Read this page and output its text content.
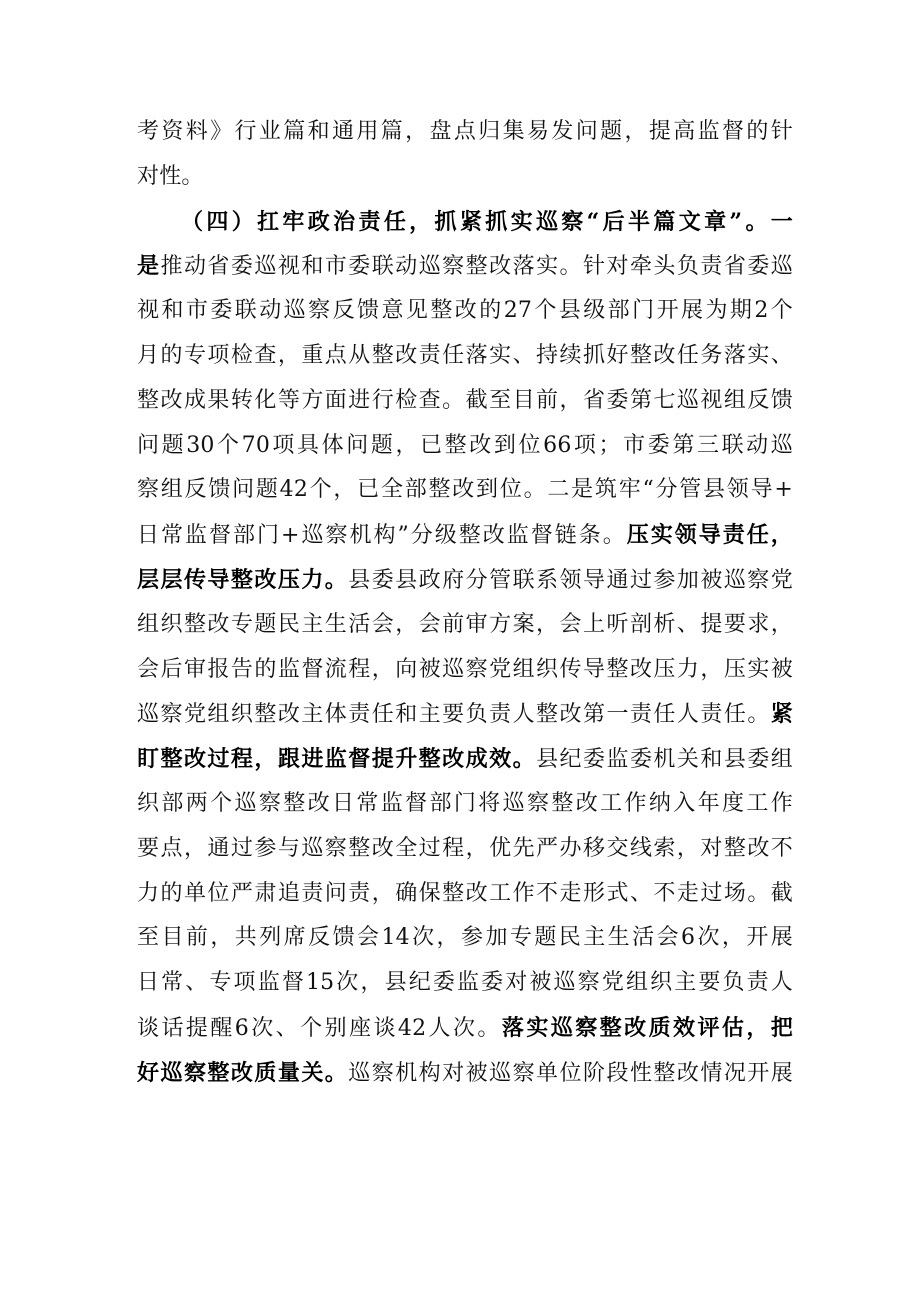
考资料》行业篇和通用篇，盘点归集易发问题，提高监督的针

对性。

（四）扛牢政治责任，抓紧抓实巡察“后半篇文章”。一

是推动省委巡视和市委联动巡察整改落实。针对牵头负责省委巡

视和市委联动巡察反馈意见整改的27个县级部门开展为期2个

月的专项检查，重点从整改责任落实、持续抓好整改任务落实、

整改成果转化等方面进行检查。截至目前，省委第七巡视组反馈

问题30个70项具体问题，已整改到位66项；市委第三联动巡

察组反馈问题42个，已全部整改到位。二是筑牢“分管县领导+

日常监督部门+巡察机构”分级整改监督链条。压实领导责任，

层层传导整改压力。县委县政府分管联系领导通过参加被巡察党

组织整改专题民主生活会，会前审方案，会上听剖析、提要求，

会后审报告的监督流程，向被巡察党组织传导整改压力，压实被

巡察党组织整改主体责任和主要负责人整改第一责任人责任。紧

盯整改过程，跟进监督提升整改成效。县纪委监委机关和县委组

织部两个巡察整改日常监督部门将巡察整改工作纳入年度工作

要点，通过参与巡察整改全过程，优先严办移交线索，对整改不

力的单位严肃追责问责，确保整改工作不走形式、不走过场。截

至目前，共列席反馈会14次，参加专题民主生活会6次，开展

日常、专项监督15次，县纪委监委对被巡察党组织主要负责人

谈话提醒6次、个别座谈42人次。落实巡察整改质效评估，把

好巡察整改质量关。巡察机构对被巡察单位阶段性整改情况开展
